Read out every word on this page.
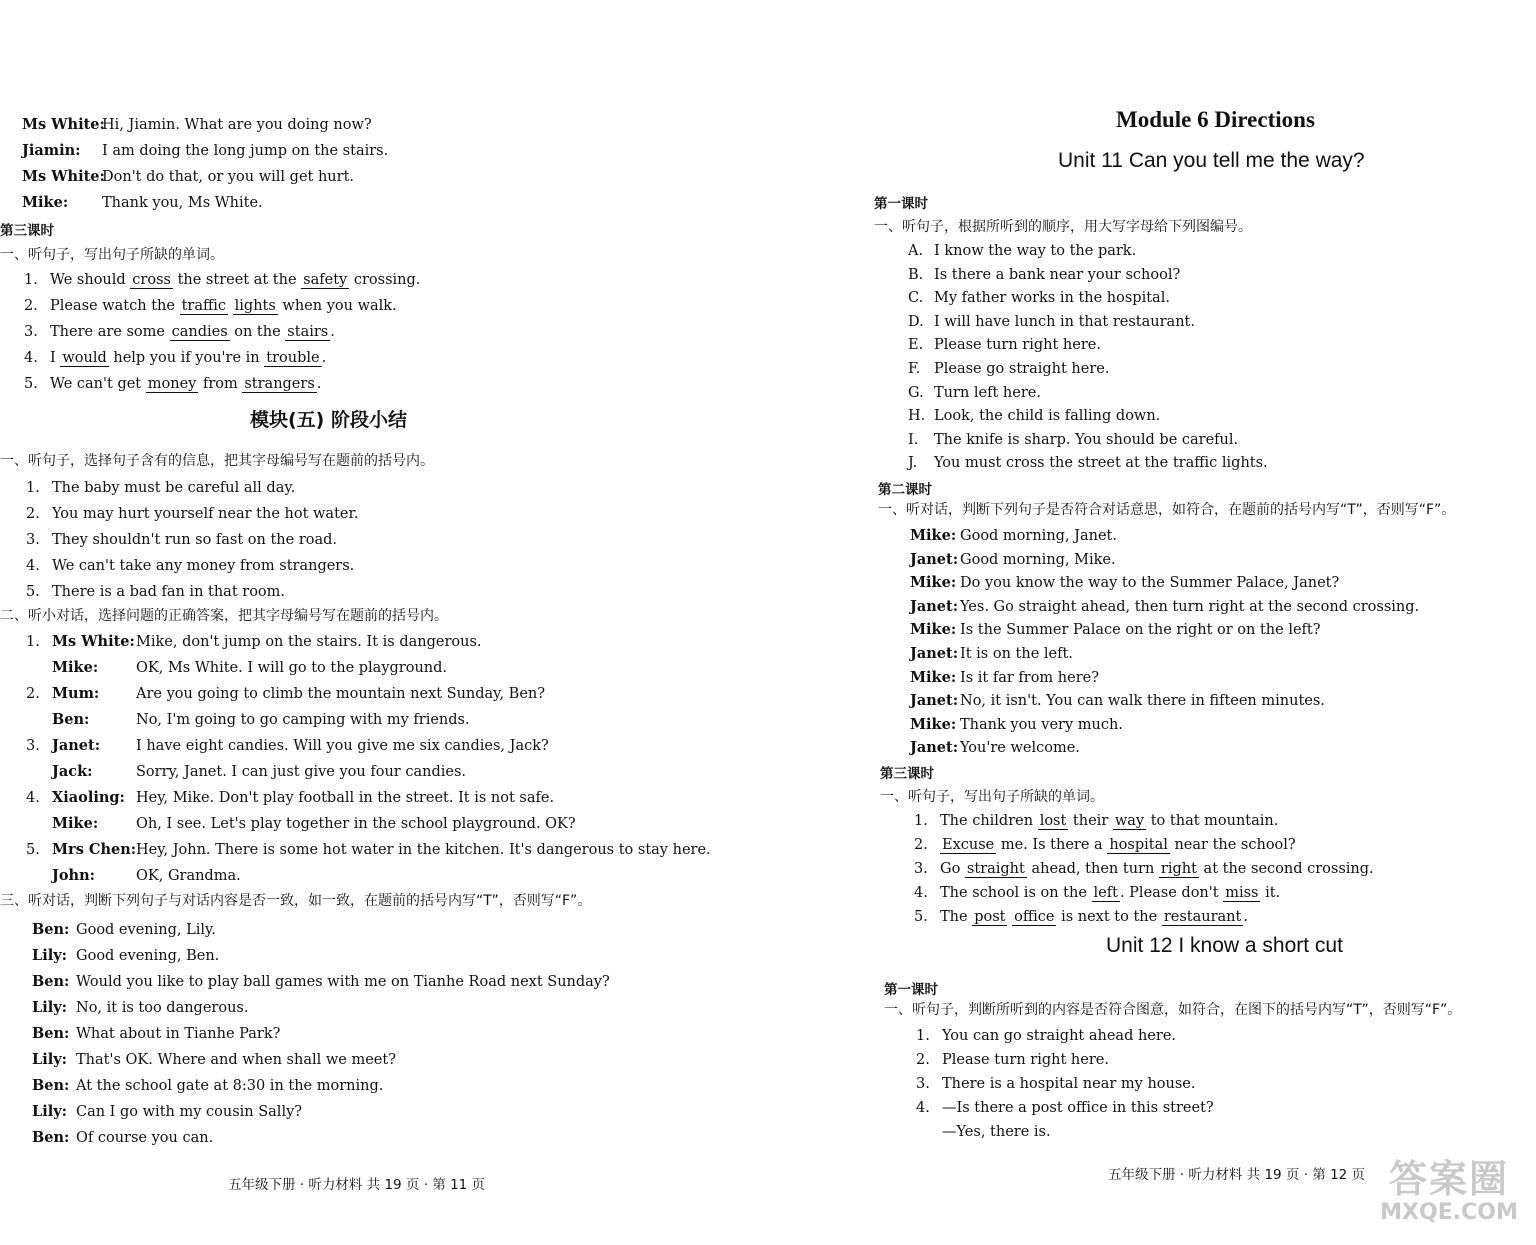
Ms White:Hi, Jiamin. What are you doing now?
Jiamin: I am doing the long jump on the stairs.
Ms White:Don't do that, or you will get hurt.
Mike: Thank you, Ms White.
第三课时
一、听句子，写出句子所缺的单词。
1. We should cross the street at the safety crossing.
2. Please watch the traffic lights when you walk.
3. There are some candies on the stairs .
4. I would help you if you're in trouble .
5. We can't get money from strangers .
模块(五) 阶段小结
一、听句子，选择句子含有的信息，把其字母编号写在题前的括号内。
1. The baby must be careful all day.
2. You may hurt yourself near the hot water.
3. They shouldn't run so fast on the road.
4. We can't take any money from strangers.
5. There is a bad fan in that room.
二、听小对话，选择问题的正确答案，把其字母编号写在题前的括号内。
1. Ms White:Mike, don't jump on the stairs. It is dangerous.
Mike:	OK, Ms White. I will go to the playground.
2. Mum:	Are you going to climb the mountain next Sunday, Ben?
Ben:	No, I'm going to go camping with my friends.
3. Janet: I have eight candies. Will you give me six candies, Jack?
Jack:	Sorry, Janet. I can just give you four candies.
4. Xiaoling: Hey, Mike. Don't play football in the street. It is not safe.
Mike:	Oh, I see. Let's play together in the school playground. OK?
5. Mrs Chen:Hey, John. There is some hot water in the kitchen. It's dangerous to stay here.
John:	OK, Grandma.
三、听对话，判断下列句子与对话内容是否一致，如一致，在题前的括号内写“T”，否则写“F”。
Ben: Good evening, Lily.
Lily: Good evening, Ben.
Ben: Would you like to play ball games with me on Tianhe Road next Sunday?
Lily: No, it is too dangerous.
Ben: What about in Tianhe Park?
Lily: That's OK. Where and when shall we meet?
Ben: At the school gate at 8:30 in the morning.
Lily: Can I go with my cousin Sally?
Ben: Of course you can.
五年级下册 · 听力材料 共 19 页 · 第 11 页	答案圈
MXQE.COM
Module 6 Directions
Unit 11 Can you tell me the way?
第一课时
一、听句子，根据所听到的顺序，用大写字母给下列图编号。
A. I know the way to the park.
B. Is there a bank near your school?
C. My father works in the hospital.
D. I will have lunch in that restaurant.
E. Please turn right here.
F. Please go straight here.
G. Turn left here.
H. Look, the child is falling down.
I. The knife is sharp. You should be careful.
J. You must cross the street at the traffic lights.
第二课时
一、听对话，判断下列句子是否符合对话意思，如符合，在题前的括号内写“T”，否则写“F”。
Mike: Good morning, Janet.
Janet: Good morning, Mike.
Mike: Do you know the way to the Summer Palace, Janet?
Janet: Yes. Go straight ahead, then turn right at the second crossing.
Mike: Is the Summer Palace on the right or on the left?
Janet: It is on the left.
Mike: Is it far from here?
Janet: No, it isn't. You can walk there in fifteen minutes.
Mike: Thank you very much.
Janet: You're welcome.
第三课时
一、听句子，写出句子所缺的单词。
1. The children lost their way to that mountain.
2. Excuse me. Is there a hospital near the school?
3. Go straight ahead, then turn right at the second crossing.
4. The school is on the left . Please don't miss it.
5. The post office is next to the restaurant .
Unit 12 I know a short cut
第一课时
一、听句子，判断所听到的内容是否符合图意，如符合，在图下的括号内写“T”，否则写“F”。
1. You can go straight ahead here.
2. Please turn right here.
3. There is a hospital near my house.
4. —Is there a post office in this street?
—Yes, there is.
五年级下册 · 听力材料 共 19 页 · 第 12 页
